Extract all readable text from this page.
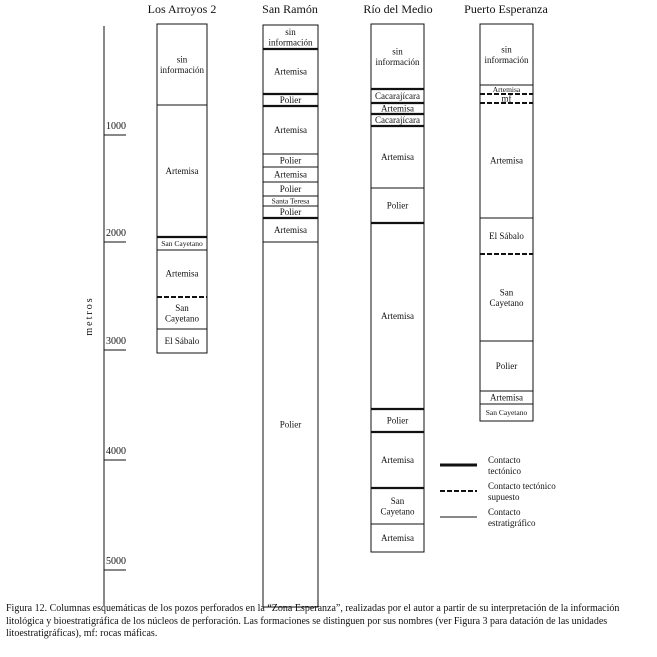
1000
2000
3000
4000
5000
metros
Los Arroyos 2
sin
información
Artemisa
San Cayetano
Artemisa
San
Cayetano
El Sábalo
San Ramón
sin
información
Artemisa
Polier
Artemisa
Polier
Artemisa
Polier
Santa Teresa
Polier
Artemisa
Polier
Río del Medio
sin
información
Cacarajícara
Artemisa
Cacarajícara
Artemisa
Polier
Artemisa
Polier
Artemisa
San
Cayetano
Artemisa
Puerto Esperanza
sin
información
Artemisa
mf
Artemisa
El Sábalo
San
Cayetano
Polier
Artemisa
San Cayetano
Contacto
tectónico
Contacto tectónico
supuesto
Contacto
estratigráfico
Figura 12. Columnas esquemáticas de los pozos perforados en la “Zona Esperanza”, realizadas por el autor a partir de su interpretación de la información litológica y bioestratigráfica de los núcleos de perforación. Las formaciones se distinguen por sus nombres (ver Figura 3 para datación de las unidades litoestratigráficas), mf: rocas máficas.
